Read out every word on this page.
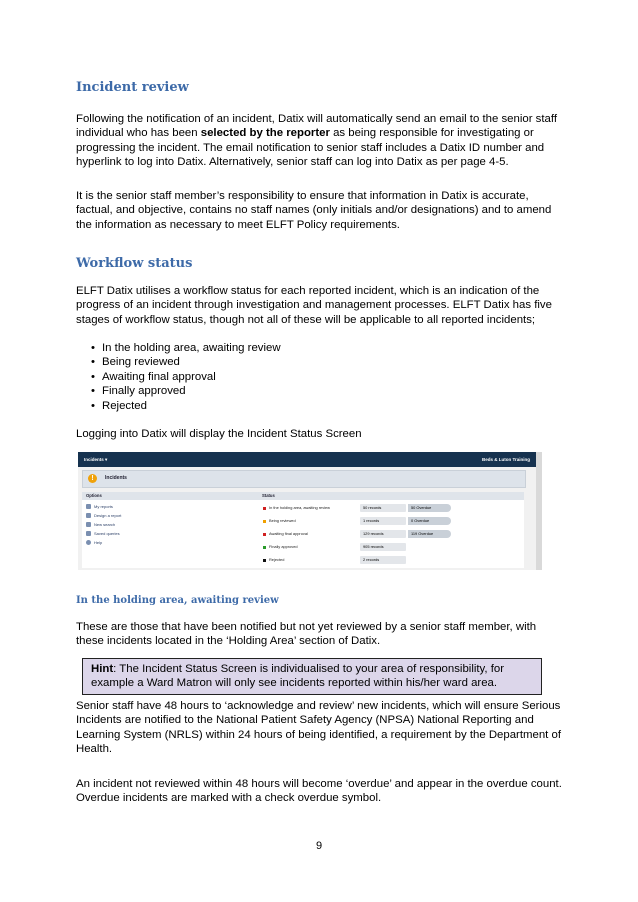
Incident review

Following the notification of an incident, Datix will automatically send an email to the senior staff individual who has been selected by the reporter as being responsible for investigating or progressing the incident. The email notification to senior staff includes a Datix ID number and hyperlink to log into Datix. Alternatively, senior staff can log into Datix as per page 4-5.

It is the senior staff member’s responsibility to ensure that information in Datix is accurate, factual, and objective, contains no staff names (only initials and/or designations) and to amend the information as necessary to meet ELFT Policy requirements.

Workflow status

ELFT Datix utilises a workflow status for each reported incident, which is an indication of the progress of an incident through investigation and management processes. ELFT Datix has five stages of workflow status, though not all of these will be applicable to all reported incidents;

• In the holding area, awaiting review
• Being reviewed
• Awaiting final approval
• Finally approved
• Rejected

Logging into Datix will display the Incident Status Screen

Incidents ▾	Beds & Luton Training
!	Incidents
Options	Status
My reports
Design a report
New search
Saved queries
Help
In the holding area, awaiting review	50 records	50 Overdue
Being reviewed	1 records	0 Overdue
Awaiting final approval	129 records	119 Overdue
Finally approved	905 records
Rejected	2 records
In the holding area, awaiting review

These are those that have been notified but not yet reviewed by a senior staff member, with these incidents located in the ‘Holding Area’ section of Datix.

Hint: The Incident Status Screen is individualised to your area of responsibility, for example a Ward Matron will only see incidents reported within his/her ward area.

Senior staff have 48 hours to ‘acknowledge and review’ new incidents, which will ensure Serious Incidents are notified to the National Patient Safety Agency (NPSA) National Reporting and Learning System (NRLS) within 24 hours of being identified, a requirement by the Department of Health.

An incident not reviewed within 48 hours will become ‘overdue’ and appear in the overdue count. Overdue incidents are marked with a check overdue symbol.

9
